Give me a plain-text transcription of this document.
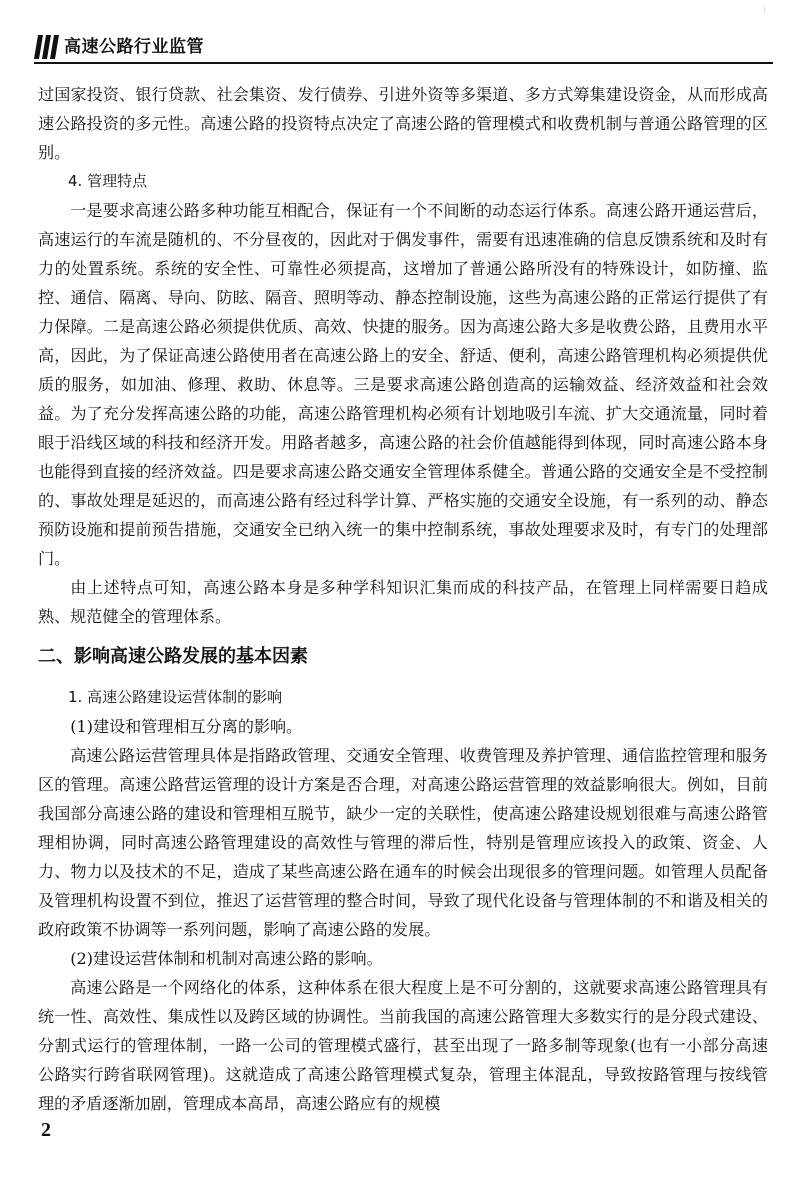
⁝
高速公路行业监管

过国家投资、银行贷款、社会集资、发行债券、引进外资等多渠道、多方式筹集建设资金，从而形成高速公路投资的多元性。高速公路的投资特点决定了高速公路的管理模式和收费机制与普通公路管理的区别。

4. 管理特点

一是要求高速公路多种功能互相配合，保证有一个不间断的动态运行体系。高速公路开通运营后，高速运行的车流是随机的、不分昼夜的，因此对于偶发事件，需要有迅速准确的信息反馈系统和及时有力的处置系统。系统的安全性、可靠性必须提高，这增加了普通公路所没有的特殊设计，如防撞、监控、通信、隔离、导向、防眩、隔音、照明等动、静态控制设施，这些为高速公路的正常运行提供了有力保障。二是高速公路必须提供优质、高效、快捷的服务。因为高速公路大多是收费公路，且费用水平高，因此，为了保证高速公路使用者在高速公路上的安全、舒适、便利，高速公路管理机构必须提供优质的服务，如加油、修理、救助、休息等。三是要求高速公路创造高的运输效益、经济效益和社会效益。为了充分发挥高速公路的功能，高速公路管理机构必须有计划地吸引车流、扩大交通流量，同时着眼于沿线区域的科技和经济开发。用路者越多，高速公路的社会价值越能得到体现，同时高速公路本身也能得到直接的经济效益。四是要求高速公路交通安全管理体系健全。普通公路的交通安全是不受控制的、事故处理是延迟的，而高速公路有经过科学计算、严格实施的交通安全设施，有一系列的动、静态预防设施和提前预告措施，交通安全已纳入统一的集中控制系统，事故处理要求及时，有专门的处理部门。

由上述特点可知，高速公路本身是多种学科知识汇集而成的科技产品，在管理上同样需要日趋成熟、规范健全的管理体系。

二、影响高速公路发展的基本因素

1. 高速公路建设运营体制的影响

(1)建设和管理相互分离的影响。

高速公路运营管理具体是指路政管理、交通安全管理、收费管理及养护管理、通信监控管理和服务区的管理。高速公路营运管理的设计方案是否合理，对高速公路运营管理的效益影响很大。例如，目前我国部分高速公路的建设和管理相互脱节，缺少一定的关联性，使高速公路建设规划很难与高速公路管理相协调，同时高速公路管理建设的高效性与管理的滞后性，特别是管理应该投入的政策、资金、人力、物力以及技术的不足，造成了某些高速公路在通车的时候会出现很多的管理问题。如管理人员配备及管理机构设置不到位，推迟了运营管理的整合时间，导致了现代化设备与管理体制的不和谐及相关的政府政策不协调等一系列问题，影响了高速公路的发展。

(2)建设运营体制和机制对高速公路的影响。

高速公路是一个网络化的体系，这种体系在很大程度上是不可分割的，这就要求高速公路管理具有统一性、高效性、集成性以及跨区域的协调性。当前我国的高速公路管理大多数实行的是分段式建设、分割式运行的管理体制，一路一公司的管理模式盛行，甚至出现了一路多制等现象(也有一小部分高速公路实行跨省联网管理)。这就造成了高速公路管理模式复杂，管理主体混乱，导致按路管理与按线管理的矛盾逐渐加剧，管理成本高昂，高速公路应有的规模

2
